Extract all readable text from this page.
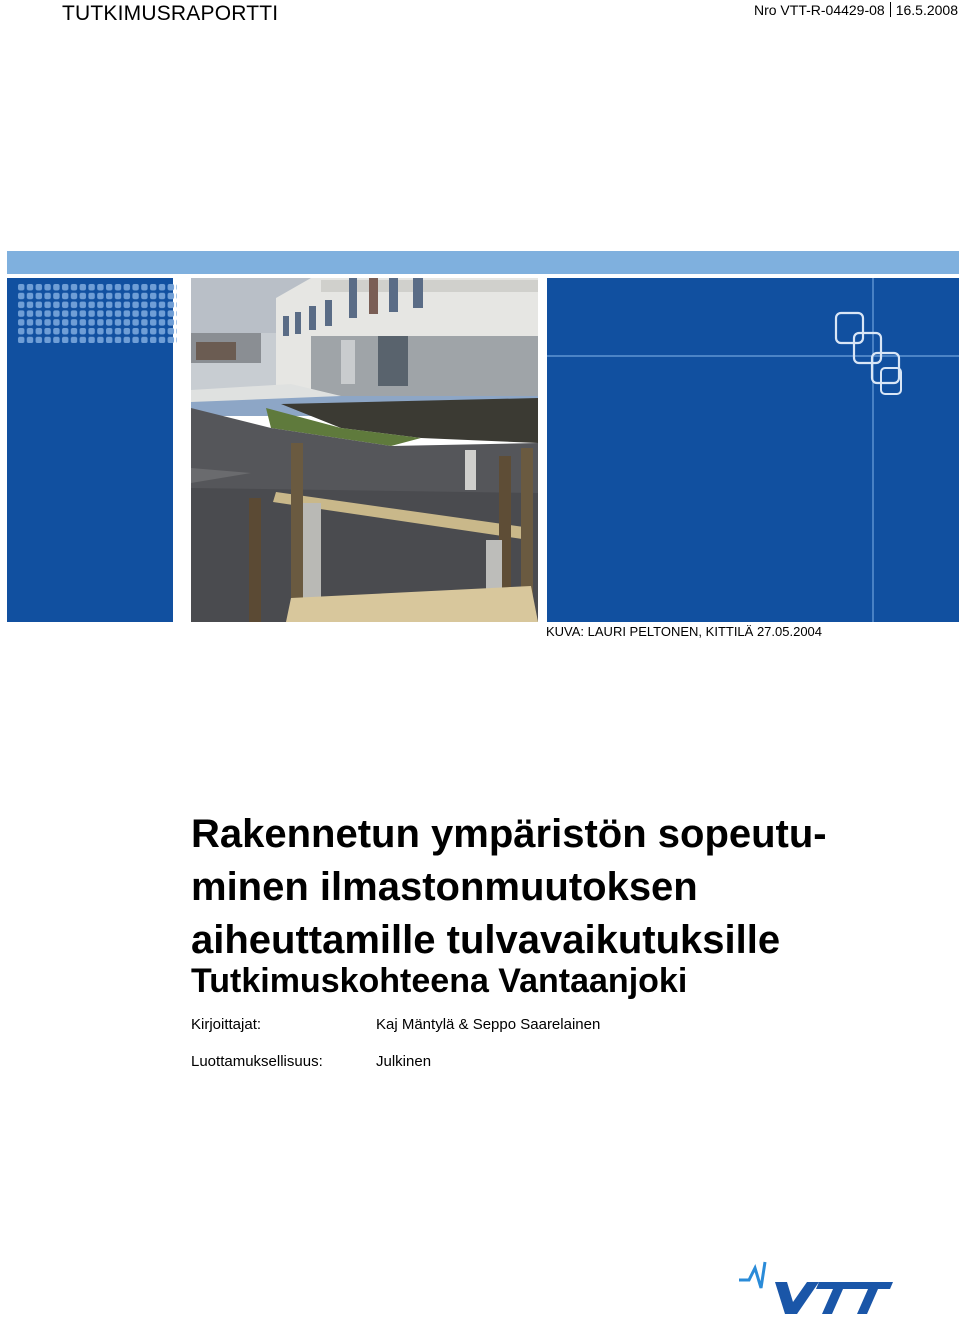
TUTKIMUSRAPORTTI	Nro VTT-R-04429-08 16.5.2008
KUVA: LAURI PELTONEN, KITTILÄ 27.05.2004
Rakennetun ympäristön sopeutu-
minen ilmastonmuutoksen
aiheuttamille tulvavaikutuksille
Tutkimuskohteena Vantaanjoki
Kirjoittajat:	Kaj Mäntylä & Seppo Saarelainen
Luottamuksellisuus:	Julkinen
